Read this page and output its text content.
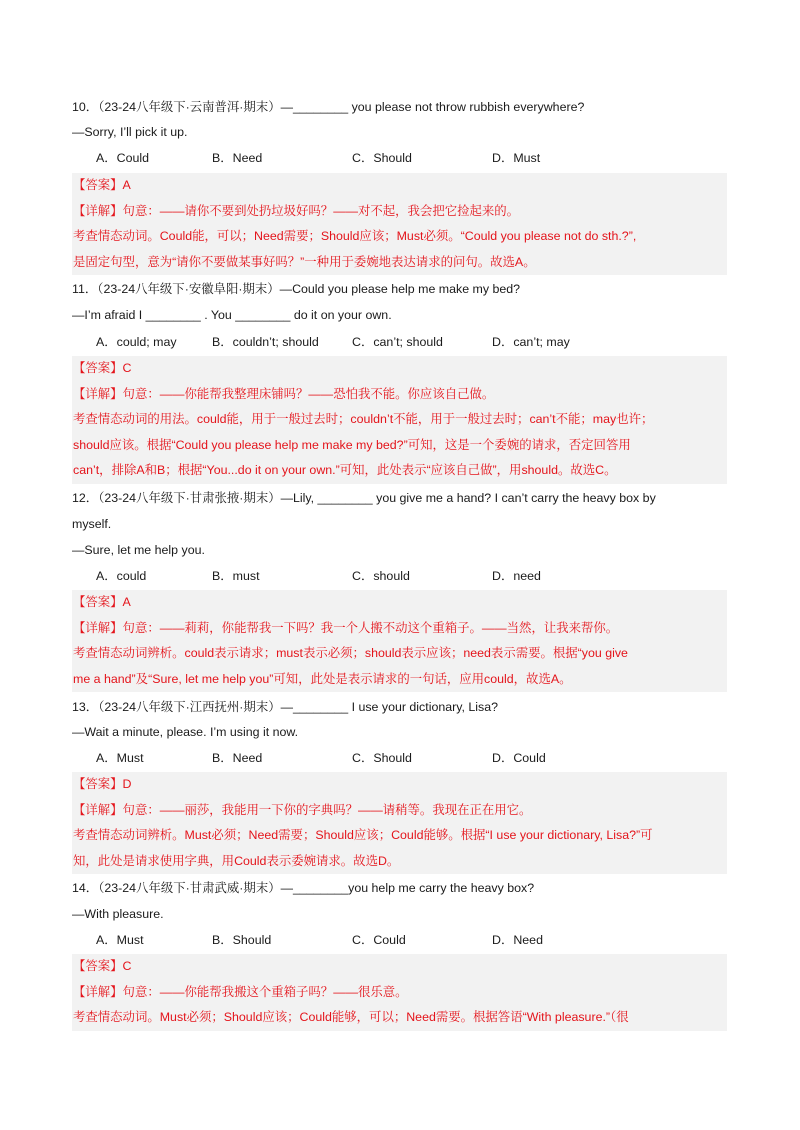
10．（23-24八年级下·云南普洱·期末）—________ you please not throw rubbish everywhere?
—Sorry, I’ll pick it up.
A．Could	B．Need	C．Should	D．Must
【答案】A
【详解】句意：——请你不要到处扔垃圾好吗？——对不起，我会把它捡起来的。
考查情态动词。Could能，可以；Need需要；Should应该；Must必须。“Could you please not do sth.?”,
是固定句型，意为“请你不要做某事好吗？”一种用于委婉地表达请求的问句。故选A。
11．（23-24八年级下·安徽阜阳·期末）—Could you please help me make my bed?
—I’m afraid I ________ . You ________ do it on your own.
A．could; may	B．couldn’t; should	C．can’t; should	D．can’t; may
【答案】C
【详解】句意：——你能帮我整理床铺吗？——恐怕我不能。你应该自己做。
考查情态动词的用法。could能，用于一般过去时；couldn’t不能，用于一般过去时；can’t不能；may也许；
should应该。根据“Could you please help me make my bed?”可知，这是一个委婉的请求，否定回答用
can’t，排除A和B；根据“You...do it on your own.”可知，此处表示“应该自己做”，用should。故选C。
12．（23-24八年级下·甘肃张掖·期末）—Lily, ________ you give me a hand? I can’t carry the heavy box by
myself.
—Sure, let me help you.
A．could	B．must	C．should	D．need
【答案】A
【详解】句意：——莉莉，你能帮我一下吗？我一个人搬不动这个重箱子。——当然，让我来帮你。
考查情态动词辨析。could表示请求；must表示必须；should表示应该；need表示需要。根据“you give
me a hand”及“Sure, let me help you”可知，此处是表示请求的一句话，应用could，故选A。
13．（23-24八年级下·江西抚州·期末）—________ I use your dictionary, Lisa?
—Wait a minute, please. I’m using it now.
A．Must	B．Need	C．Should	D．Could
【答案】D
【详解】句意：——丽莎，我能用一下你的字典吗？——请稍等。我现在正在用它。
考查情态动词辨析。Must必须；Need需要；Should应该；Could能够。根据“I use your dictionary, Lisa?”可
知，此处是请求使用字典，用Could表示委婉请求。故选D。
14．（23-24八年级下·甘肃武威·期末）—________you help me carry the heavy box?
—With pleasure.
A．Must	B．Should	C．Could	D．Need
【答案】C
【详解】句意：——你能帮我搬这个重箱子吗？——很乐意。
考查情态动词。Must必须；Should应该；Could能够，可以；Need需要。根据答语“With pleasure.”（很
